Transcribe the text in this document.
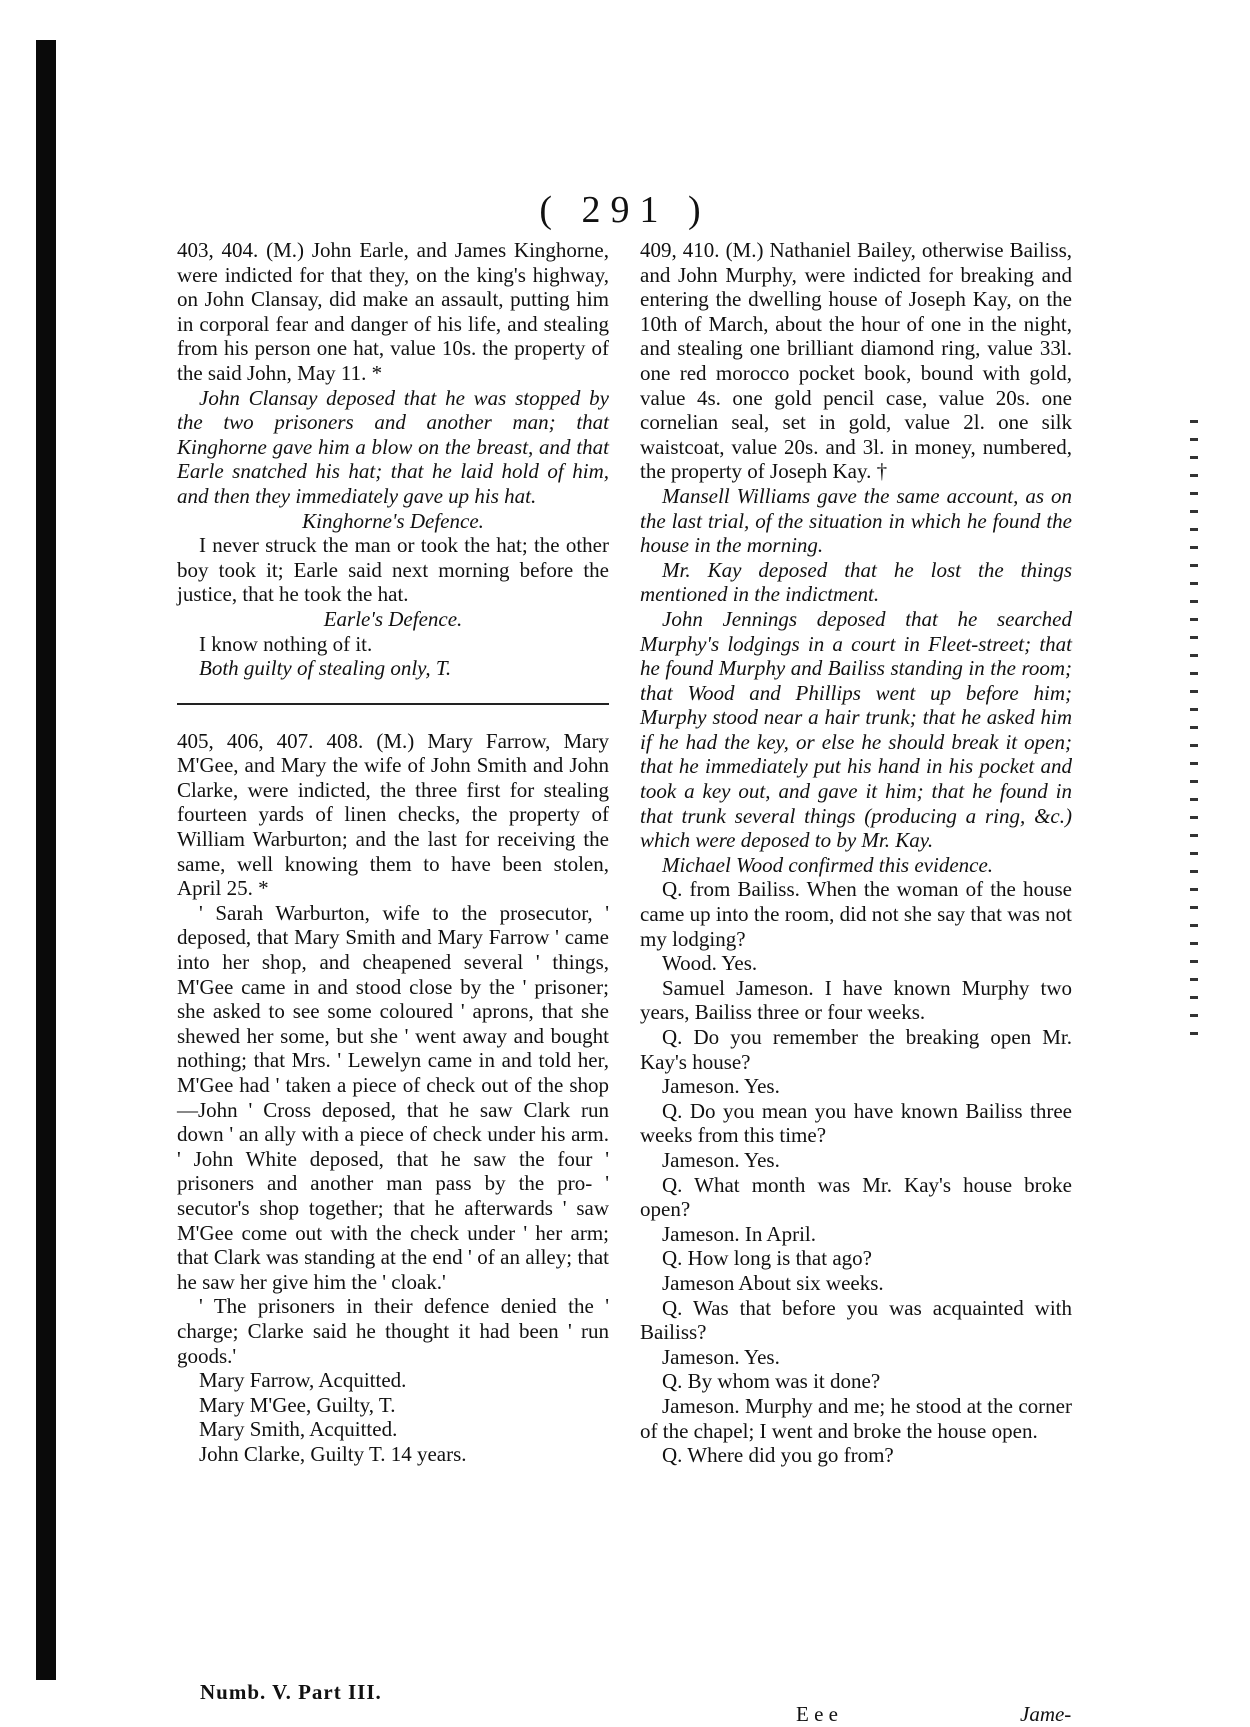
( 291 )

403, 404. (M.) John Earle, and James Kinghorne, were indicted for that they, on the king's highway, on John Clansay, did make an assault, putting him in corporal fear and danger of his life, and stealing from his person one hat, value 10s. the property of the said John, May 11. *

John Clansay deposed that he was stopped by the two prisoners and another man; that Kinghorne gave him a blow on the breast, and that Earle snatched his hat; that he laid hold of him, and then they immediately gave up his hat.

Kinghorne's Defence.

I never struck the man or took the hat; the other boy took it; Earle said next morning before the justice, that he took the hat.

Earle's Defence.

I know nothing of it.

Both guilty of stealing only, T.

405, 406, 407. 408. (M.) Mary Farrow, Mary M'Gee, and Mary the wife of John Smith and John Clarke, were indicted, the three first for stealing fourteen yards of linen checks, the property of William Warburton; and the last for receiving the same, well knowing them to have been stolen, April 25. *

' Sarah Warburton, wife to the prosecutor, ' deposed, that Mary Smith and Mary Farrow ' came into her shop, and cheapened several ' things, M'Gee came in and stood close by the ' prisoner; she asked to see some coloured ' aprons, that she shewed her some, but she ' went away and bought nothing; that Mrs. ' Lewelyn came in and told her, M'Gee had ' taken a piece of check out of the shop—John ' Cross deposed, that he saw Clark run down ' an ally with a piece of check under his arm. ' John White deposed, that he saw the four ' prisoners and another man pass by the pro- ' secutor's shop together; that he afterwards ' saw M'Gee come out with the check under ' her arm; that Clark was standing at the end ' of an alley; that he saw her give him the ' cloak.'

' The prisoners in their defence denied the ' charge; Clarke said he thought it had been ' run goods.'

Mary Farrow, Acquitted.

Mary M'Gee, Guilty, T.

Mary Smith, Acquitted.

John Clarke, Guilty T. 14 years.

409, 410. (M.) Nathaniel Bailey, otherwise Bailiss, and John Murphy, were indicted for breaking and entering the dwelling house of Joseph Kay, on the 10th of March, about the hour of one in the night, and stealing one brilliant diamond ring, value 33l. one red morocco pocket book, bound with gold, value 4s. one gold pencil case, value 20s. one cornelian seal, set in gold, value 2l. one silk waistcoat, value 20s. and 3l. in money, numbered, the property of Joseph Kay. †

Mansell Williams gave the same account, as on the last trial, of the situation in which he found the house in the morning.

Mr. Kay deposed that he lost the things mentioned in the indictment.

John Jennings deposed that he searched Murphy's lodgings in a court in Fleet-street; that he found Murphy and Bailiss standing in the room; that Wood and Phillips went up before him; Murphy stood near a hair trunk; that he asked him if he had the key, or else he should break it open; that he immediately put his hand in his pocket and took a key out, and gave it him; that he found in that trunk several things (producing a ring, &c.) which were deposed to by Mr. Kay.

Michael Wood confirmed this evidence.

Q. from Bailiss. When the woman of the house came up into the room, did not she say that was not my lodging?

Wood. Yes.

Samuel Jameson. I have known Murphy two years, Bailiss three or four weeks.

Q. Do you remember the breaking open Mr. Kay's house?

Jameson. Yes.

Q. Do you mean you have known Bailiss three weeks from this time?

Jameson. Yes.

Q. What month was Mr. Kay's house broke open?

Jameson. In April.

Q. How long is that ago?

Jameson About six weeks.

Q. Was that before you was acquainted with Bailiss?

Jameson. Yes.

Q. By whom was it done?

Jameson. Murphy and me; he stood at the corner of the chapel; I went and broke the house open.

Q. Where did you go from?

Numb. V. Part III.
E e e	Jame-
